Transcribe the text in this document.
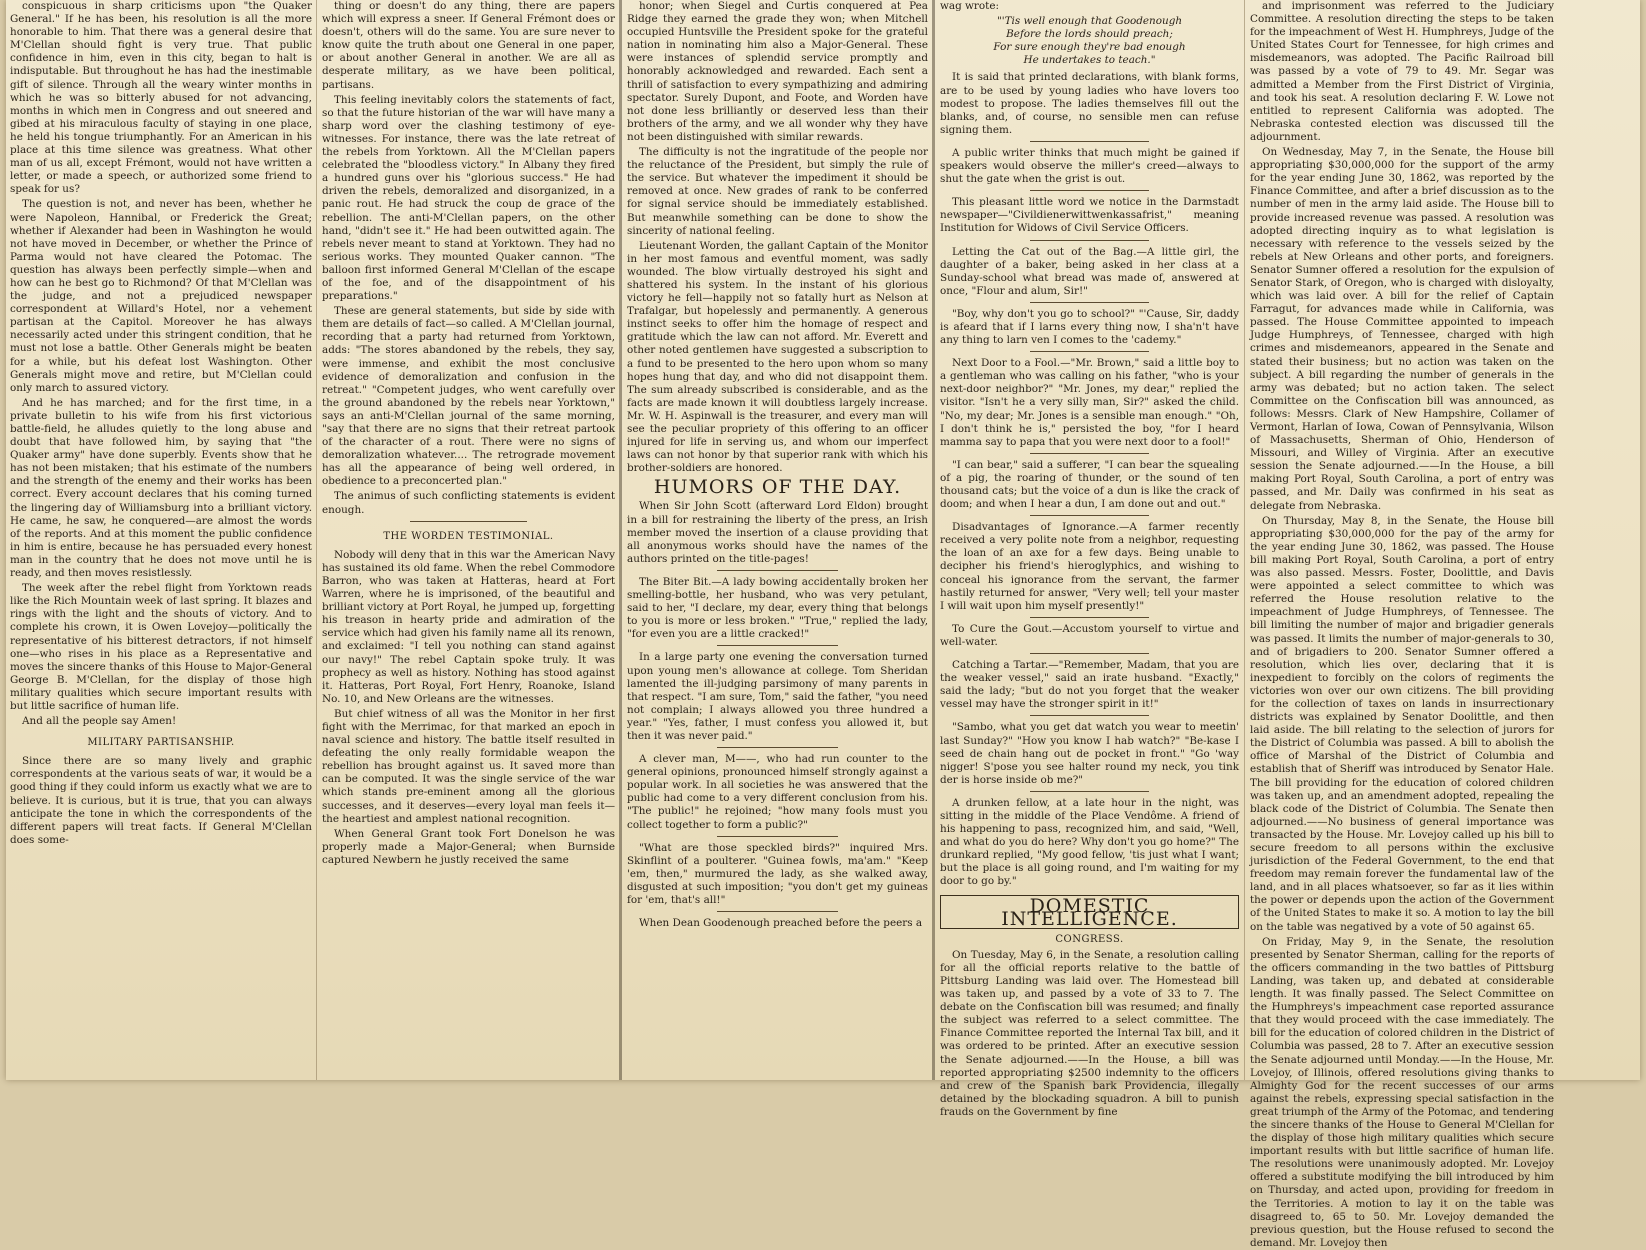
conspicuous in sharp criticisms upon "the Quaker General." If he has been, his resolution is all the more honorable to him. That there was a general desire that M'Clellan should fight is very true. That public confidence in him, even in this city, began to halt is indisputable. But throughout he has had the inestimable gift of silence. Through all the weary winter months in which he was so bitterly abused for not advancing, months in which men in Congress and out sneered and gibed at his miraculous faculty of staying in one place, he held his tongue triumphantly. For an American in his place at this time silence was greatness. What other man of us all, except Frémont, would not have written a letter, or made a speech, or authorized some friend to speak for us?

The question is not, and never has been, whether he were Napoleon, Hannibal, or Frederick the Great; whether if Alexander had been in Washington he would not have moved in December, or whether the Prince of Parma would not have cleared the Potomac. The question has always been perfectly simple—when and how can he best go to Richmond? Of that M'Clellan was the judge, and not a prejudiced newspaper correspondent at Willard's Hotel, nor a vehement partisan at the Capitol. Moreover he has always necessarily acted under this stringent condition, that he must not lose a battle. Other Generals might be beaten for a while, but his defeat lost Washington. Other Generals might move and retire, but M'Clellan could only march to assured victory.

And he has marched; and for the first time, in a private bulletin to his wife from his first victorious battle-field, he alludes quietly to the long abuse and doubt that have followed him, by saying that "the Quaker army" have done superbly. Events show that he has not been mistaken; that his estimate of the numbers and the strength of the enemy and their works has been correct. Every account declares that his coming turned the lingering day of Williamsburg into a brilliant victory. He came, he saw, he conquered—are almost the words of the reports. And at this moment the public confidence in him is entire, because he has persuaded every honest man in the country that he does not move until he is ready, and then moves resistlessly.

The week after the rebel flight from Yorktown reads like the Rich Mountain week of last spring. It blazes and rings with the light and the shouts of victory. And to complete his crown, it is Owen Lovejoy—politically the representative of his bitterest detractors, if not himself one—who rises in his place as a Representative and moves the sincere thanks of this House to Major-General George B. M'Clellan, for the display of those high military qualities which secure important results with but little sacrifice of human life.

And all the people say Amen!

MILITARY PARTISANSHIP.

Since there are so many lively and graphic correspondents at the various seats of war, it would be a good thing if they could inform us exactly what we are to believe. It is curious, but it is true, that you can always anticipate the tone in which the correspondents of the different papers will treat facts. If General M'Clellan does some-

thing or doesn't do any thing, there are papers which will express a sneer. If General Frémont does or doesn't, others will do the same. You are sure never to know quite the truth about one General in one paper, or about another General in another. We are all as desperate military, as we have been political, partisans.

This feeling inevitably colors the statements of fact, so that the future historian of the war will have many a sharp word over the clashing testimony of eye-witnesses. For instance, there was the late retreat of the rebels from Yorktown. All the M'Clellan papers celebrated the "bloodless victory." In Albany they fired a hundred guns over his "glorious success." He had driven the rebels, demoralized and disorganized, in a panic rout. He had struck the coup de grace of the rebellion. The anti-M'Clellan papers, on the other hand, "didn't see it." He had been outwitted again. The rebels never meant to stand at Yorktown. They had no serious works. They mounted Quaker cannon. "The balloon first informed General M'Clellan of the escape of the foe, and of the disappointment of his preparations."

These are general statements, but side by side with them are details of fact—so called. A M'Clellan journal, recording that a party had returned from Yorktown, adds: "The stores abandoned by the rebels, they say, were immense, and exhibit the most conclusive evidence of demoralization and confusion in the retreat." "Competent judges, who went carefully over the ground abandoned by the rebels near Yorktown," says an anti-M'Clellan journal of the same morning, "say that there are no signs that their retreat partook of the character of a rout. There were no signs of demoralization whatever.... The retrograde movement has all the appearance of being well ordered, in obedience to a preconcerted plan."

The animus of such conflicting statements is evident enough.

THE WORDEN TESTIMONIAL.

Nobody will deny that in this war the American Navy has sustained its old fame. When the rebel Commodore Barron, who was taken at Hatteras, heard at Fort Warren, where he is imprisoned, of the beautiful and brilliant victory at Port Royal, he jumped up, forgetting his treason in hearty pride and admiration of the service which had given his family name all its renown, and exclaimed: "I tell you nothing can stand against our navy!" The rebel Captain spoke truly. It was prophecy as well as history. Nothing has stood against it. Hatteras, Port Royal, Fort Henry, Roanoke, Island No. 10, and New Orleans are the witnesses.

But chief witness of all was the Monitor in her first fight with the Merrimac, for that marked an epoch in naval science and history. The battle itself resulted in defeating the only really formidable weapon the rebellion has brought against us. It saved more than can be computed. It was the single service of the war which stands pre-eminent among all the glorious successes, and it deserves—every loyal man feels it—the heartiest and amplest national recognition.

When General Grant took Fort Donelson he was properly made a Major-General; when Burnside captured Newbern he justly received the same

honor; when Siegel and Curtis conquered at Pea Ridge they earned the grade they won; when Mitchell occupied Huntsville the President spoke for the grateful nation in nominating him also a Major-General. These were instances of splendid service promptly and honorably acknowledged and rewarded. Each sent a thrill of satisfaction to every sympathizing and admiring spectator. Surely Dupont, and Foote, and Worden have not done less brilliantly or deserved less than their brothers of the army, and we all wonder why they have not been distinguished with similar rewards.

The difficulty is not the ingratitude of the people nor the reluctance of the President, but simply the rule of the service. But whatever the impediment it should be removed at once. New grades of rank to be conferred for signal service should be immediately established. But meanwhile something can be done to show the sincerity of national feeling.

Lieutenant Worden, the gallant Captain of the Monitor in her most famous and eventful moment, was sadly wounded. The blow virtually destroyed his sight and shattered his system. In the instant of his glorious victory he fell—happily not so fatally hurt as Nelson at Trafalgar, but hopelessly and permanently. A generous instinct seeks to offer him the homage of respect and gratitude which the law can not afford. Mr. Everett and other noted gentlemen have suggested a subscription to a fund to be presented to the hero upon whom so many hopes hung that day, and who did not disappoint them. The sum already subscribed is considerable, and as the facts are made known it will doubtless largely increase. Mr. W. H. Aspinwall is the treasurer, and every man will see the peculiar propriety of this offering to an officer injured for life in serving us, and whom our imperfect laws can not honor by that superior rank with which his brother-soldiers are honored.

HUMORS OF THE DAY.

When Sir John Scott (afterward Lord Eldon) brought in a bill for restraining the liberty of the press, an Irish member moved the insertion of a clause providing that all anonymous works should have the names of the authors printed on the title-pages!

The Biter Bit.—A lady bowing accidentally broken her smelling-bottle, her husband, who was very petulant, said to her, "I declare, my dear, every thing that belongs to you is more or less broken." "True," replied the lady, "for even you are a little cracked!"

In a large party one evening the conversation turned upon young men's allowance at college. Tom Sheridan lamented the ill-judging parsimony of many parents in that respect. "I am sure, Tom," said the father, "you need not complain; I always allowed you three hundred a year." "Yes, father, I must confess you allowed it, but then it was never paid."

A clever man, M——, who had run counter to the general opinions, pronounced himself strongly against a popular work. In all societies he was answered that the public had come to a very different conclusion from his. "The public!" he rejoined; "how many fools must you collect together to form a public?"

"What are those speckled birds?" inquired Mrs. Skinflint of a poulterer. "Guinea fowls, ma'am." "Keep 'em, then," murmured the lady, as she walked away, disgusted at such imposition; "you don't get my guineas for 'em, that's all!"

When Dean Goodenough preached before the peers a

wag wrote:

"'Tis well enough that Goodenough
Before the lords should preach;
For sure enough they're bad enough
He undertakes to teach."

It is said that printed declarations, with blank forms, are to be used by young ladies who have lovers too modest to propose. The ladies themselves fill out the blanks, and, of course, no sensible men can refuse signing them.

A public writer thinks that much might be gained if speakers would observe the miller's creed—always to shut the gate when the grist is out.

This pleasant little word we notice in the Darmstadt newspaper—"Civildienerwittwenkassafrist," meaning Institution for Widows of Civil Service Officers.

Letting the Cat out of the Bag.—A little girl, the daughter of a baker, being asked in her class at a Sunday-school what bread was made of, answered at once, "Flour and alum, Sir!"

"Boy, why don't you go to school?" "'Cause, Sir, daddy is afeard that if I larns every thing now, I sha'n't have any thing to larn ven I comes to the 'cademy."

Next Door to a Fool.—"Mr. Brown," said a little boy to a gentleman who was calling on his father, "who is your next-door neighbor?" "Mr. Jones, my dear," replied the visitor. "Isn't he a very silly man, Sir?" asked the child. "No, my dear; Mr. Jones is a sensible man enough." "Oh, I don't think he is," persisted the boy, "for I heard mamma say to papa that you were next door to a fool!"

"I can bear," said a sufferer, "I can bear the squealing of a pig, the roaring of thunder, or the sound of ten thousand cats; but the voice of a dun is like the crack of doom; and when I hear a dun, I am done out and out."

Disadvantages of Ignorance.—A farmer recently received a very polite note from a neighbor, requesting the loan of an axe for a few days. Being unable to decipher his friend's hieroglyphics, and wishing to conceal his ignorance from the servant, the farmer hastily returned for answer, "Very well; tell your master I will wait upon him myself presently!"

To Cure the Gout.—Accustom yourself to virtue and well-water.

Catching a Tartar.—"Remember, Madam, that you are the weaker vessel," said an irate husband. "Exactly," said the lady; "but do not you forget that the weaker vessel may have the stronger spirit in it!"

"Sambo, what you get dat watch you wear to meetin' last Sunday?" "How you know I hab watch?" "Be-kase I seed de chain hang out de pocket in front." "Go 'way nigger! S'pose you see halter round my neck, you tink der is horse inside ob me?"

A drunken fellow, at a late hour in the night, was sitting in the middle of the Place Vendôme. A friend of his happening to pass, recognized him, and said, "Well, and what do you do here? Why don't you go home?" The drunkard replied, "My good fellow, 'tis just what I want; but the place is all going round, and I'm waiting for my door to go by."

DOMESTIC INTELLIGENCE.
CONGRESS.

On Tuesday, May 6, in the Senate, a resolution calling for all the official reports relative to the battle of Pittsburg Landing was laid over. The Homestead bill was taken up, and passed by a vote of 33 to 7. The debate on the Confiscation bill was resumed; and finally the subject was referred to a select committee. The Finance Committee reported the Internal Tax bill, and it was ordered to be printed. After an executive session the Senate adjourned.——In the House, a bill was reported appropriating $2500 indemnity to the officers and crew of the Spanish bark Providencia, illegally detained by the blockading squadron. A bill to punish frauds on the Government by fine

and imprisonment was referred to the Judiciary Committee. A resolution directing the steps to be taken for the impeachment of West H. Humphreys, Judge of the United States Court for Tennessee, for high crimes and misdemeanors, was adopted. The Pacific Railroad bill was passed by a vote of 79 to 49. Mr. Segar was admitted a Member from the First District of Virginia, and took his seat. A resolution declaring F. W. Lowe not entitled to represent California was adopted. The Nebraska contested election was discussed till the adjournment.

On Wednesday, May 7, in the Senate, the House bill appropriating $30,000,000 for the support of the army for the year ending June 30, 1862, was reported by the Finance Committee, and after a brief discussion as to the number of men in the army laid aside. The House bill to provide increased revenue was passed. A resolution was adopted directing inquiry as to what legislation is necessary with reference to the vessels seized by the rebels at New Orleans and other ports, and foreigners. Senator Sumner offered a resolution for the expulsion of Senator Stark, of Oregon, who is charged with disloyalty, which was laid over. A bill for the relief of Captain Farragut, for advances made while in California, was passed. The House Committee appointed to impeach Judge Humphreys, of Tennessee, charged with high crimes and misdemeanors, appeared in the Senate and stated their business; but no action was taken on the subject. A bill regarding the number of generals in the army was debated; but no action taken. The select Committee on the Confiscation bill was announced, as follows: Messrs. Clark of New Hampshire, Collamer of Vermont, Harlan of Iowa, Cowan of Pennsylvania, Wilson of Massachusetts, Sherman of Ohio, Henderson of Missouri, and Willey of Virginia. After an executive session the Senate adjourned.——In the House, a bill making Port Royal, South Carolina, a port of entry was passed, and Mr. Daily was confirmed in his seat as delegate from Nebraska.

On Thursday, May 8, in the Senate, the House bill appropriating $30,000,000 for the pay of the army for the year ending June 30, 1862, was passed. The House bill making Port Royal, South Carolina, a port of entry was also passed. Messrs. Foster, Doolittle, and Davis were appointed a select committee to which was referred the House resolution relative to the impeachment of Judge Humphreys, of Tennessee. The bill limiting the number of major and brigadier generals was passed. It limits the number of major-generals to 30, and of brigadiers to 200. Senator Sumner offered a resolution, which lies over, declaring that it is inexpedient to forcibly on the colors of regiments the victories won over our own citizens. The bill providing for the collection of taxes on lands in insurrectionary districts was explained by Senator Doolittle, and then laid aside. The bill relating to the selection of jurors for the District of Columbia was passed. A bill to abolish the office of Marshal of the District of Columbia and establish that of Sheriff was introduced by Senator Hale. The bill providing for the education of colored children was taken up, and an amendment adopted, repealing the black code of the District of Columbia. The Senate then adjourned.——No business of general importance was transacted by the House. Mr. Lovejoy called up his bill to secure freedom to all persons within the exclusive jurisdiction of the Federal Government, to the end that freedom may remain forever the fundamental law of the land, and in all places whatsoever, so far as it lies within the power or depends upon the action of the Government of the United States to make it so. A motion to lay the bill on the table was negatived by a vote of 50 against 65.

On Friday, May 9, in the Senate, the resolution presented by Senator Sherman, calling for the reports of the officers commanding in the two battles of Pittsburg Landing, was taken up, and debated at considerable length. It was finally passed. The Select Committee on the Humphreys's impeachment case reported assurance that they would proceed with the case immediately. The bill for the education of colored children in the District of Columbia was passed, 28 to 7. After an executive session the Senate adjourned until Monday.——In the House, Mr. Lovejoy, of Illinois, offered resolutions giving thanks to Almighty God for the recent successes of our arms against the rebels, expressing special satisfaction in the great triumph of the Army of the Potomac, and tendering the sincere thanks of the House to General M'Clellan for the display of those high military qualities which secure important results with but little sacrifice of human life. The resolutions were unanimously adopted. Mr. Lovejoy offered a substitute modifying the bill introduced by him on Thursday, and acted upon, providing for freedom in the Territories. A motion to lay it on the table was disagreed to, 65 to 50. Mr. Lovejoy demanded the previous question, but the House refused to second the demand. Mr. Lovejoy then
